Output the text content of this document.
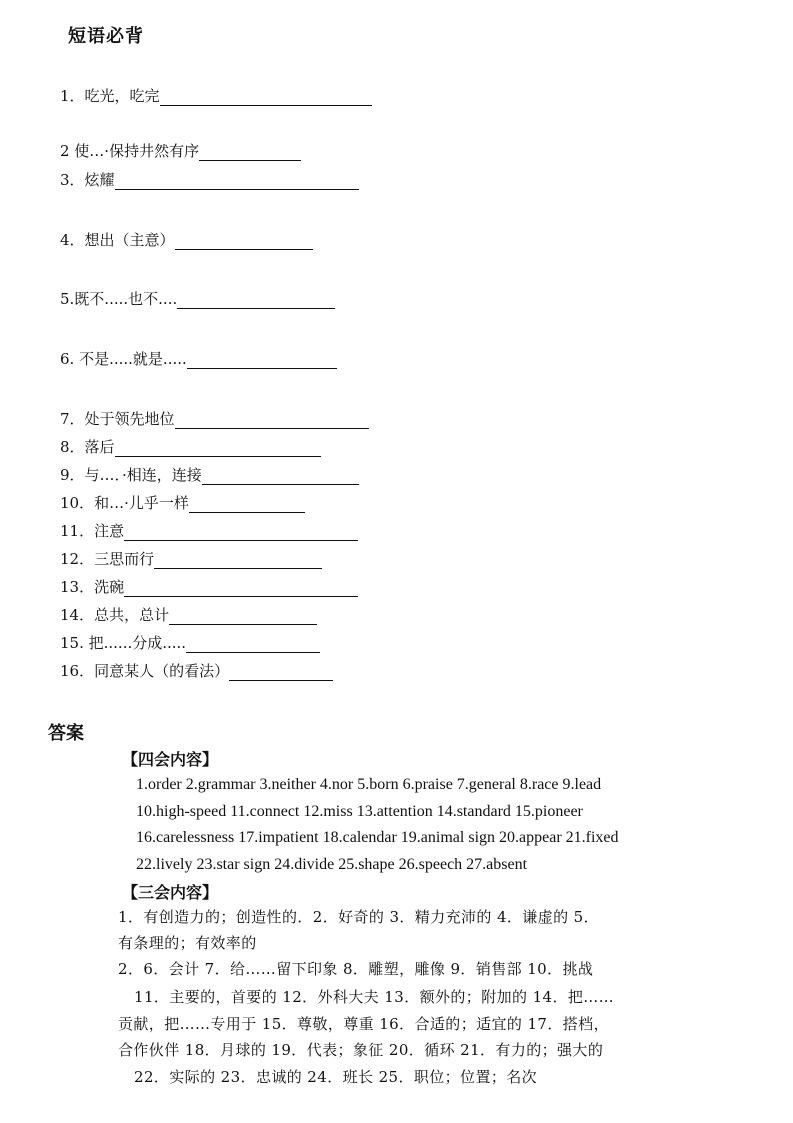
短语必背
1．吃光，吃完
2 使…·保持井然有序
3．炫耀
4．想出（主意）
5.既不.....也不....
6. 不是.....就是.....
7．处于领先地位
8．落后
9．与…．·相连，连接
10．和…·儿乎一样
11．注意
12．三思而行
13．洗碗
14．总共，总计
15. 把......分成.....
16．同意某人（的看法）
答案
【四会内容】
1.order 2.grammar 3.neither 4.nor 5.born 6.praise 7.general 8.race 9.lead
10.high-speed 11.connect 12.miss 13.attention 14.standard 15.pioneer
16.carelessness 17.impatient 18.calendar 19.animal sign 20.appear 21.fixed
22.lively 23.star sign 24.divide 25.shape 26.speech 27.absent
【三会内容】
1．有创造力的；创造性的．2．好奇的 3．精力充沛的 4．谦虚的 5．
有条理的；有效率的
2．6．会计 7．给……留下印象 8．雕塑，雕像 9．销售部 10．挑战
11．主要的，首要的 12．外科大夫 13．额外的；附加的 14．把……
贡献，把……专用于 15．尊敬，尊重 16．合适的；适宜的 17．搭档，
合作伙伴 18．月球的 19．代表；象征 20．循环 21．有力的；强大的
22．实际的 23．忠诚的 24．班长 25．职位；位置；名次
